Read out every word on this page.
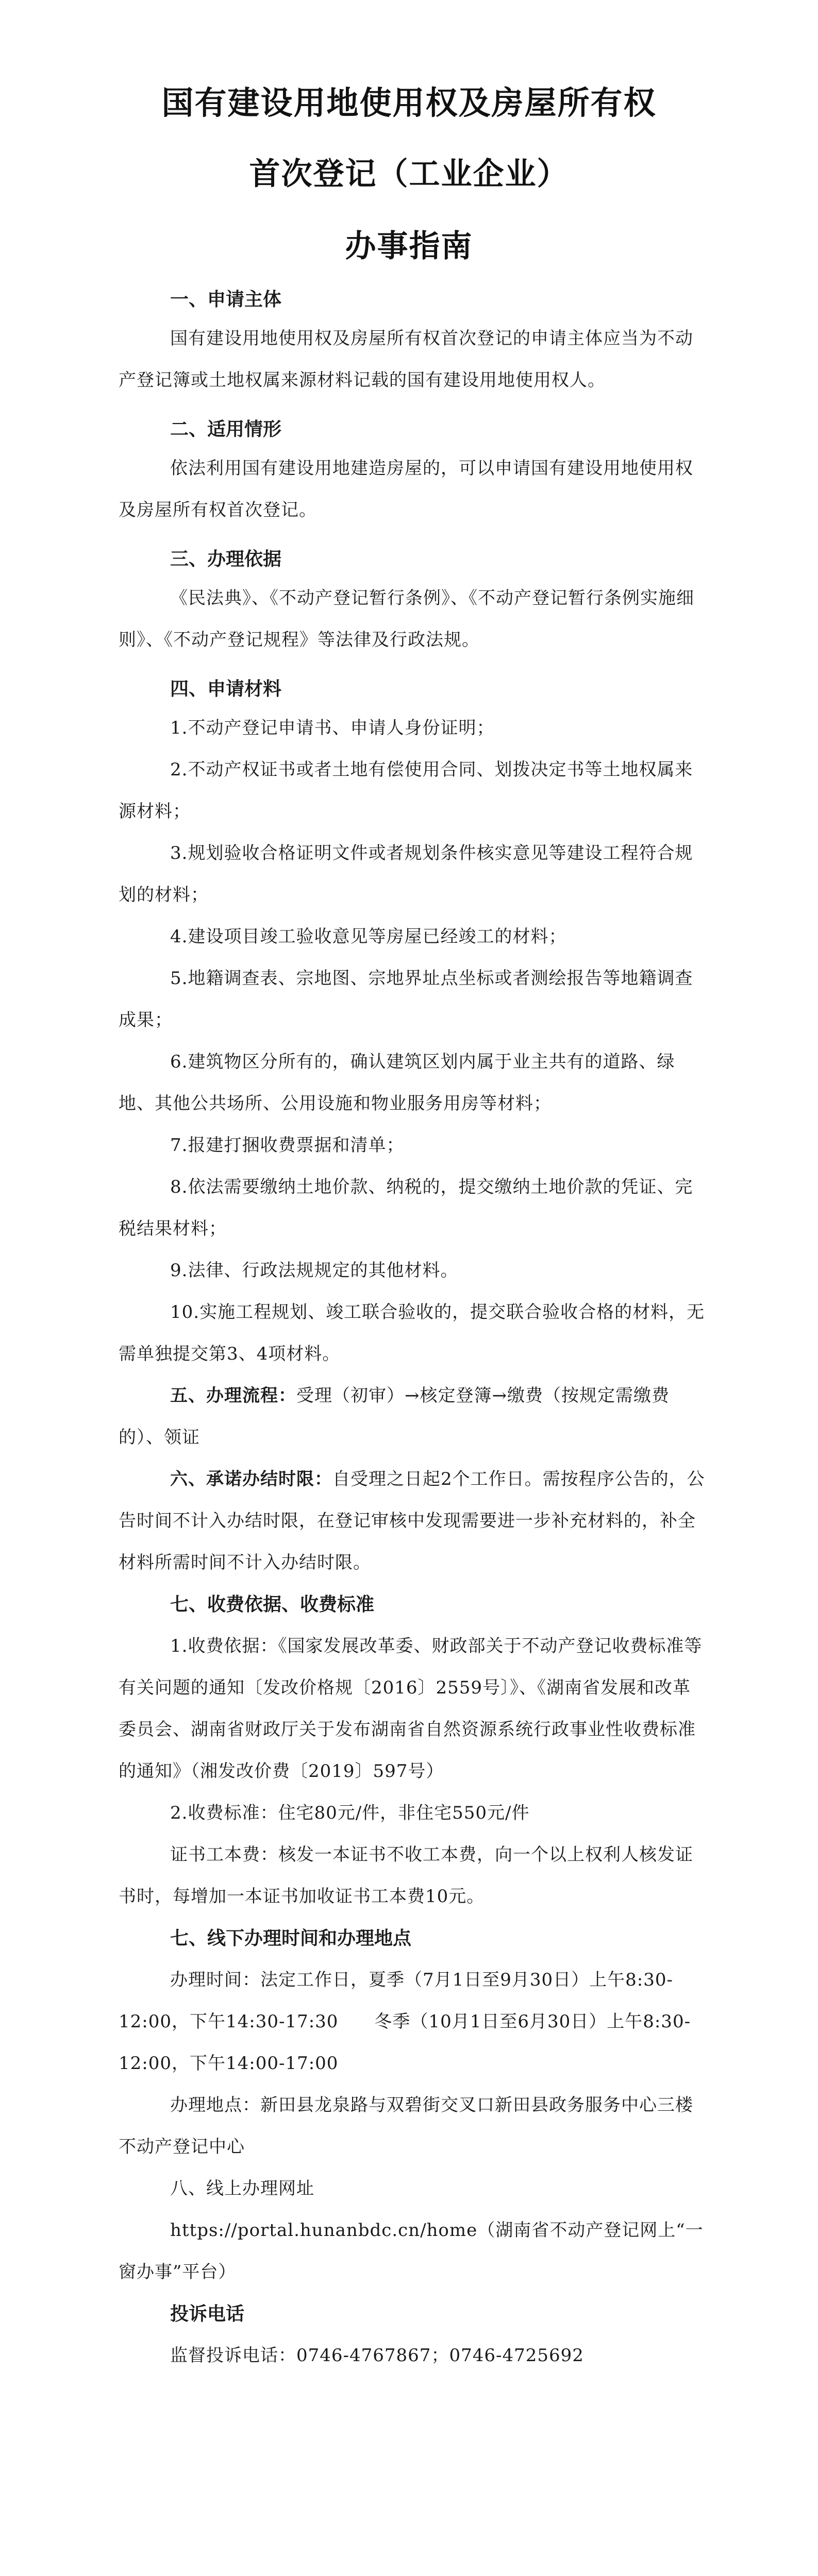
国有建设用地使用权及房屋所有权
首次登记（工业企业）
办事指南

一、申请主体

国有建设用地使用权及房屋所有权首次登记的申请主体应当为不动产登记簿或土地权属来源材料记载的国有建设用地使用权人。

二、适用情形

依法利用国有建设用地建造房屋的，可以申请国有建设用地使用权及房屋所有权首次登记。

三、办理依据

《民法典》、《不动产登记暂行条例》、《不动产登记暂行条例实施细则》、《不动产登记规程》等法律及行政法规。

四、申请材料

1.不动产登记申请书、申请人身份证明；

2.不动产权证书或者土地有偿使用合同、划拨决定书等土地权属来源材料；

3.规划验收合格证明文件或者规划条件核实意见等建设工程符合规划的材料；

4.建设项目竣工验收意见等房屋已经竣工的材料；

5.地籍调查表、宗地图、宗地界址点坐标或者测绘报告等地籍调查成果；

6.建筑物区分所有的，确认建筑区划内属于业主共有的道路、绿地、其他公共场所、公用设施和物业服务用房等材料；

7.报建打捆收费票据和清单；

8.依法需要缴纳土地价款、纳税的，提交缴纳土地价款的凭证、完税结果材料；

9.法律、行政法规规定的其他材料。

10.实施工程规划、竣工联合验收的，提交联合验收合格的材料，无需单独提交第3、4项材料。

五、办理流程：受理（初审）→核定登簿→缴费（按规定需缴费的）、领证

六、承诺办结时限：自受理之日起2个工作日。需按程序公告的，公告时间不计入办结时限，在登记审核中发现需要进一步补充材料的，补全材料所需时间不计入办结时限。

七、收费依据、收费标准

1.收费依据：《国家发展改革委、财政部关于不动产登记收费标准等有关问题的通知〔发改价格规〔2016〕2559号〕》、《湖南省发展和改革委员会、湖南省财政厅关于发布湖南省自然资源系统行政事业性收费标准的通知》（湘发改价费〔2019〕597号）

2.收费标准：住宅80元/件，非住宅550元/件

证书工本费：核发一本证书不收工本费，向一个以上权利人核发证书时，每增加一本证书加收证书工本费10元。

七、线下办理时间和办理地点

办理时间：法定工作日，夏季（7月1日至9月30日）上午8:30-12:00，下午14:30-17:30　　冬季（10月1日至6月30日）上午8:30-12:00，下午14:00-17:00

办理地点：新田县龙泉路与双碧街交叉口新田县政务服务中心三楼不动产登记中心

八、线上办理网址

https://portal.hunanbdc.cn/home（湖南省不动产登记网上“一窗办事”平台）

投诉电话

监督投诉电话：0746-4767867；0746-4725692
